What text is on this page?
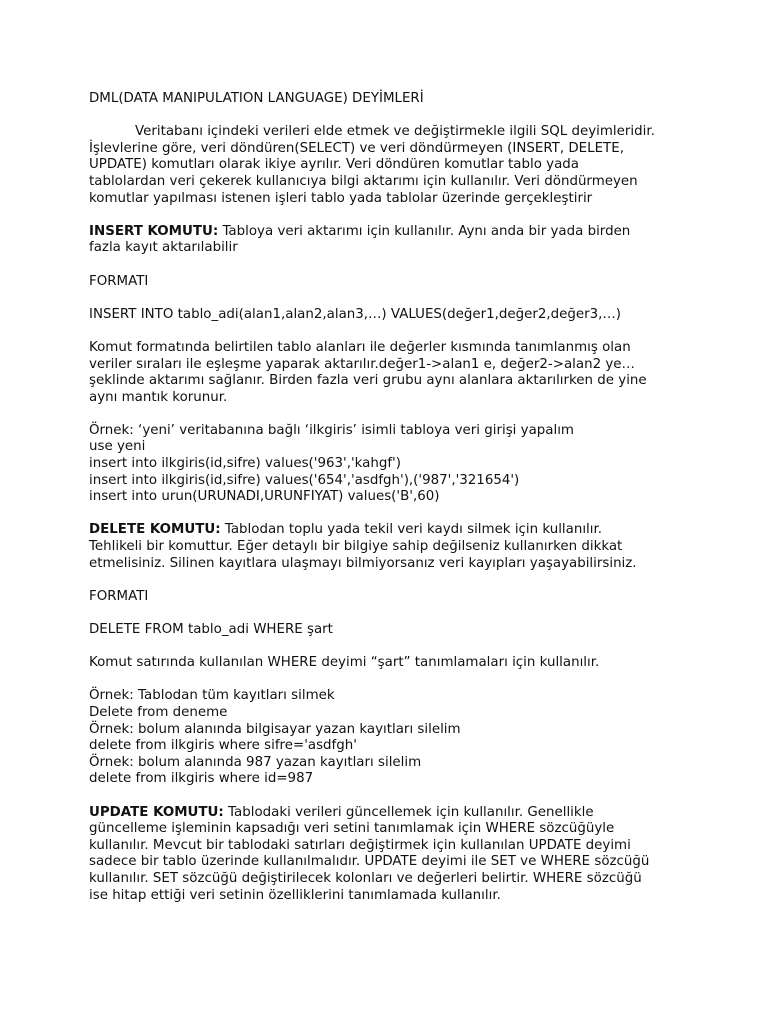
DML(DATA MANIPULATION LANGUAGE) DEYİMLERİ
Veritabanı içindeki verileri elde etmek ve değiştirmekle ilgili SQL deyimleridir.
İşlevlerine göre, veri döndüren(SELECT) ve veri döndürmeyen (INSERT, DELETE,
UPDATE) komutları olarak ikiye ayrılır. Veri döndüren komutlar tablo yada
tablolardan veri çekerek kullanıcıya bilgi aktarımı için kullanılır. Veri döndürmeyen
komutlar yapılması istenen işleri tablo yada tablolar üzerinde gerçekleştirir
INSERT KOMUTU: Tabloya veri aktarımı için kullanılır. Aynı anda bir yada birden
fazla kayıt aktarılabilir
FORMATI
INSERT INTO tablo_adi(alan1,alan2,alan3,…) VALUES(değer1,değer2,değer3,…)
Komut formatında belirtilen tablo alanları ile değerler kısmında tanımlanmış olan
veriler sıraları ile eşleşme yaparak aktarılır.değer1->alan1 e, değer2->alan2 ye…
şeklinde aktarımı sağlanır. Birden fazla veri grubu aynı alanlara aktarılırken de yine
aynı mantık korunur.
Örnek: ‘yeni’ veritabanına bağlı ‘ilkgiris’ isimli tabloya veri girişi yapalım
use yeni
insert into ilkgiris(id,sifre) values('963','kahgf')
insert into ilkgiris(id,sifre) values('654','asdfgh'),('987','321654')
insert into urun(URUNADI,URUNFIYAT) values('B',60)
DELETE KOMUTU: Tablodan toplu yada tekil veri kaydı silmek için kullanılır.
Tehlikeli bir komuttur. Eğer detaylı bir bilgiye sahip değilseniz kullanırken dikkat
etmelisiniz. Silinen kayıtlara ulaşmayı bilmiyorsanız veri kayıpları yaşayabilirsiniz.
FORMATI
DELETE FROM tablo_adi WHERE şart
Komut satırında kullanılan WHERE deyimi “şart” tanımlamaları için kullanılır.
Örnek: Tablodan tüm kayıtları silmek
Delete from deneme
Örnek: bolum alanında bilgisayar yazan kayıtları silelim
delete from ilkgiris where sifre='asdfgh'
Örnek: bolum alanında 987 yazan kayıtları silelim
delete from ilkgiris where id=987
UPDATE KOMUTU: Tablodaki verileri güncellemek için kullanılır. Genellikle
güncelleme işleminin kapsadığı veri setini tanımlamak için WHERE sözcüğüyle
kullanılır. Mevcut bir tablodaki satırları değiştirmek için kullanılan UPDATE deyimi
sadece bir tablo üzerinde kullanılmalıdır. UPDATE deyimi ile SET ve WHERE sözcüğü
kullanılır. SET sözcüğü değiştirilecek kolonları ve değerleri belirtir. WHERE sözcüğü
ise hitap ettiği veri setinin özelliklerini tanımlamada kullanılır.
